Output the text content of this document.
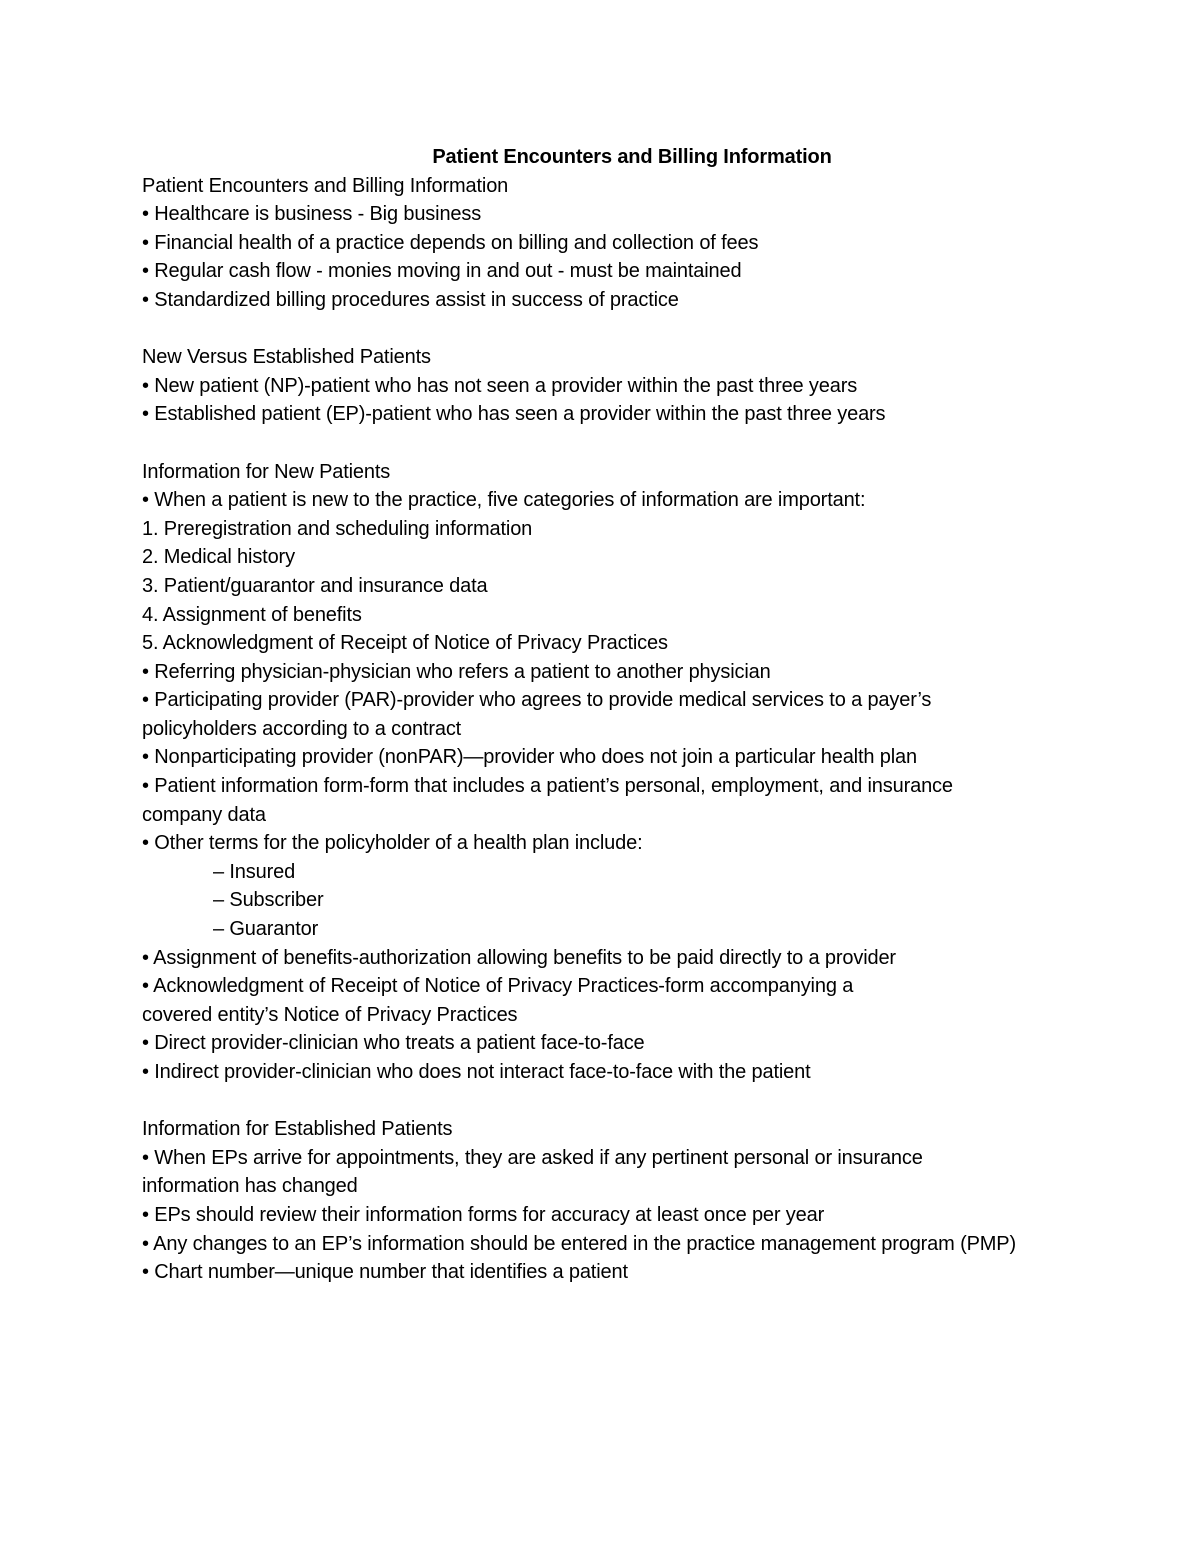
Patient Encounters and Billing Information
Patient Encounters and Billing Information
• Healthcare is business - Big business
• Financial health of a practice depends on billing and collection of fees
• Regular cash flow - monies moving in and out - must be maintained
• Standardized billing procedures assist in success of practice
New Versus Established Patients
• New patient (NP)-patient who has not seen a provider within the past three years
• Established patient (EP)-patient who has seen a provider within the past three years
Information for New Patients
• When a patient is new to the practice, five categories of information are important:
1. Preregistration and scheduling information
2. Medical history
3. Patient/guarantor and insurance data
4. Assignment of benefits
5. Acknowledgment of Receipt of Notice of Privacy Practices
• Referring physician-physician who refers a patient to another physician
• Participating provider (PAR)-provider who agrees to provide medical services to a payer’s
policyholders according to a contract
• Nonparticipating provider (nonPAR)—provider who does not join a particular health plan
• Patient information form-form that includes a patient’s personal, employment, and insurance
company data
• Other terms for the policyholder of a health plan include:
– Insured
– Subscriber
– Guarantor
• Assignment of benefits-authorization allowing benefits to be paid directly to a provider
• Acknowledgment of Receipt of Notice of Privacy Practices-form accompanying a
covered entity’s Notice of Privacy Practices
• Direct provider-clinician who treats a patient face-to-face
• Indirect provider-clinician who does not interact face-to-face with the patient
Information for Established Patients
• When EPs arrive for appointments, they are asked if any pertinent personal or insurance
information has changed
• EPs should review their information forms for accuracy at least once per year
• Any changes to an EP’s information should be entered in the practice management program (PMP)
• Chart number—unique number that identifies a patient
